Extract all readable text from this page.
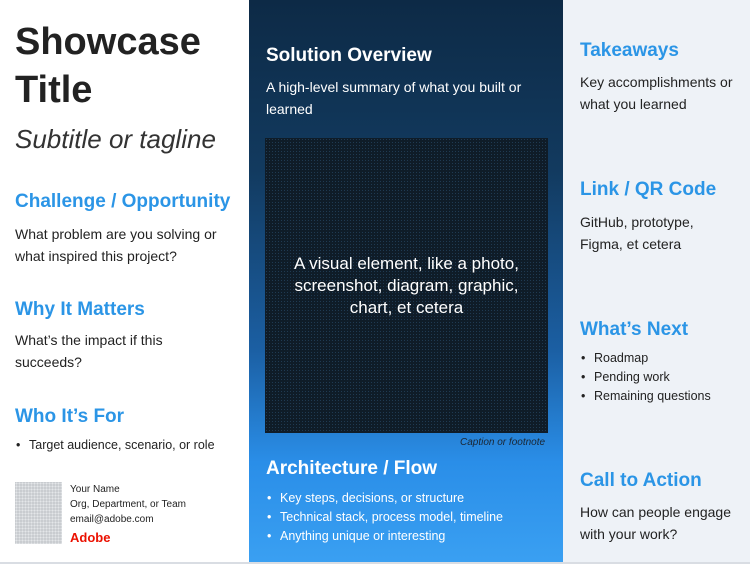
Showcase Title
Subtitle or tagline
Challenge / Opportunity
What problem are you solving or what inspired this project?
Why It Matters
What’s the impact if this succeeds?
Who It’s For
• Target audience, scenario, or role
Your Name
Org, Department, or Team
email@adobe.com
Adobe
Solution Overview
A high-level summary of what you built or learned
A visual element, like a photo, screenshot, diagram, graphic, chart, et cetera
Caption or footnote
Architecture / Flow
• Key steps, decisions, or structure
• Technical stack, process model, timeline
• Anything unique or interesting
Takeaways
Key accomplishments or what you learned
Link / QR Code
GitHub, prototype, Figma, et cetera
What’s Next
• Roadmap
• Pending work
• Remaining questions
Call to Action
How can people engage with your work?
